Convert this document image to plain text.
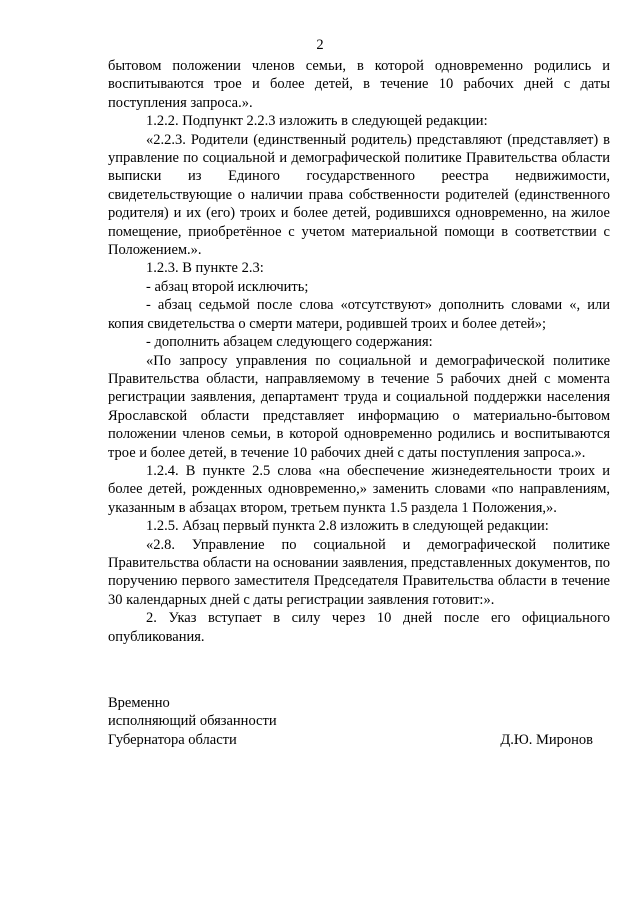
2

бытовом положении членов семьи, в которой одновременно родились и воспитываются трое и более детей, в течение 10 рабочих дней с даты поступления запроса.».

1.2.2. Подпункт 2.2.3 изложить в следующей редакции:

«2.2.3. Родители (единственный родитель) представляют (представляет) в управление по социальной и демографической политике Правительства области выписки из Единого государственного реестра недвижимости, свидетельствующие о наличии права собственности родителей (единственного родителя) и их (его) троих и более детей, родившихся одновременно, на жилое помещение, приобретённое с учетом материальной помощи в соответствии с Положением.».

1.2.3. В пункте 2.3:

- абзац второй исключить;

- абзац седьмой после слова «отсутствуют» дополнить словами «, или копия свидетельства о смерти матери, родившей троих и более детей»;

- дополнить абзацем следующего содержания:

«По запросу управления по социальной и демографической политике Правительства области, направляемому в течение 5 рабочих дней с момента регистрации заявления, департамент труда и социальной поддержки населения Ярославской области представляет информацию о материально-бытовом положении членов семьи, в которой одновременно родились и воспитываются трое и более детей, в течение 10 рабочих дней с даты поступления запроса.».

1.2.4. В пункте 2.5 слова «на обеспечение жизнедеятельности троих и более детей, рожденных одновременно,» заменить словами «по направлениям, указанным в абзацах втором, третьем пункта 1.5 раздела 1 Положения,».

1.2.5. Абзац первый пункта 2.8 изложить в следующей редакции:

«2.8. Управление по социальной и демографической политике Правительства области на основании заявления, представленных документов, по поручению первого заместителя Председателя Правительства области в течение 30 календарных дней с даты регистрации заявления готовит:».

2. Указ вступает в силу через 10 дней после его официального опубликования.

Временно
исполняющий обязанности
Губернатора области	Д.Ю. Миронов
